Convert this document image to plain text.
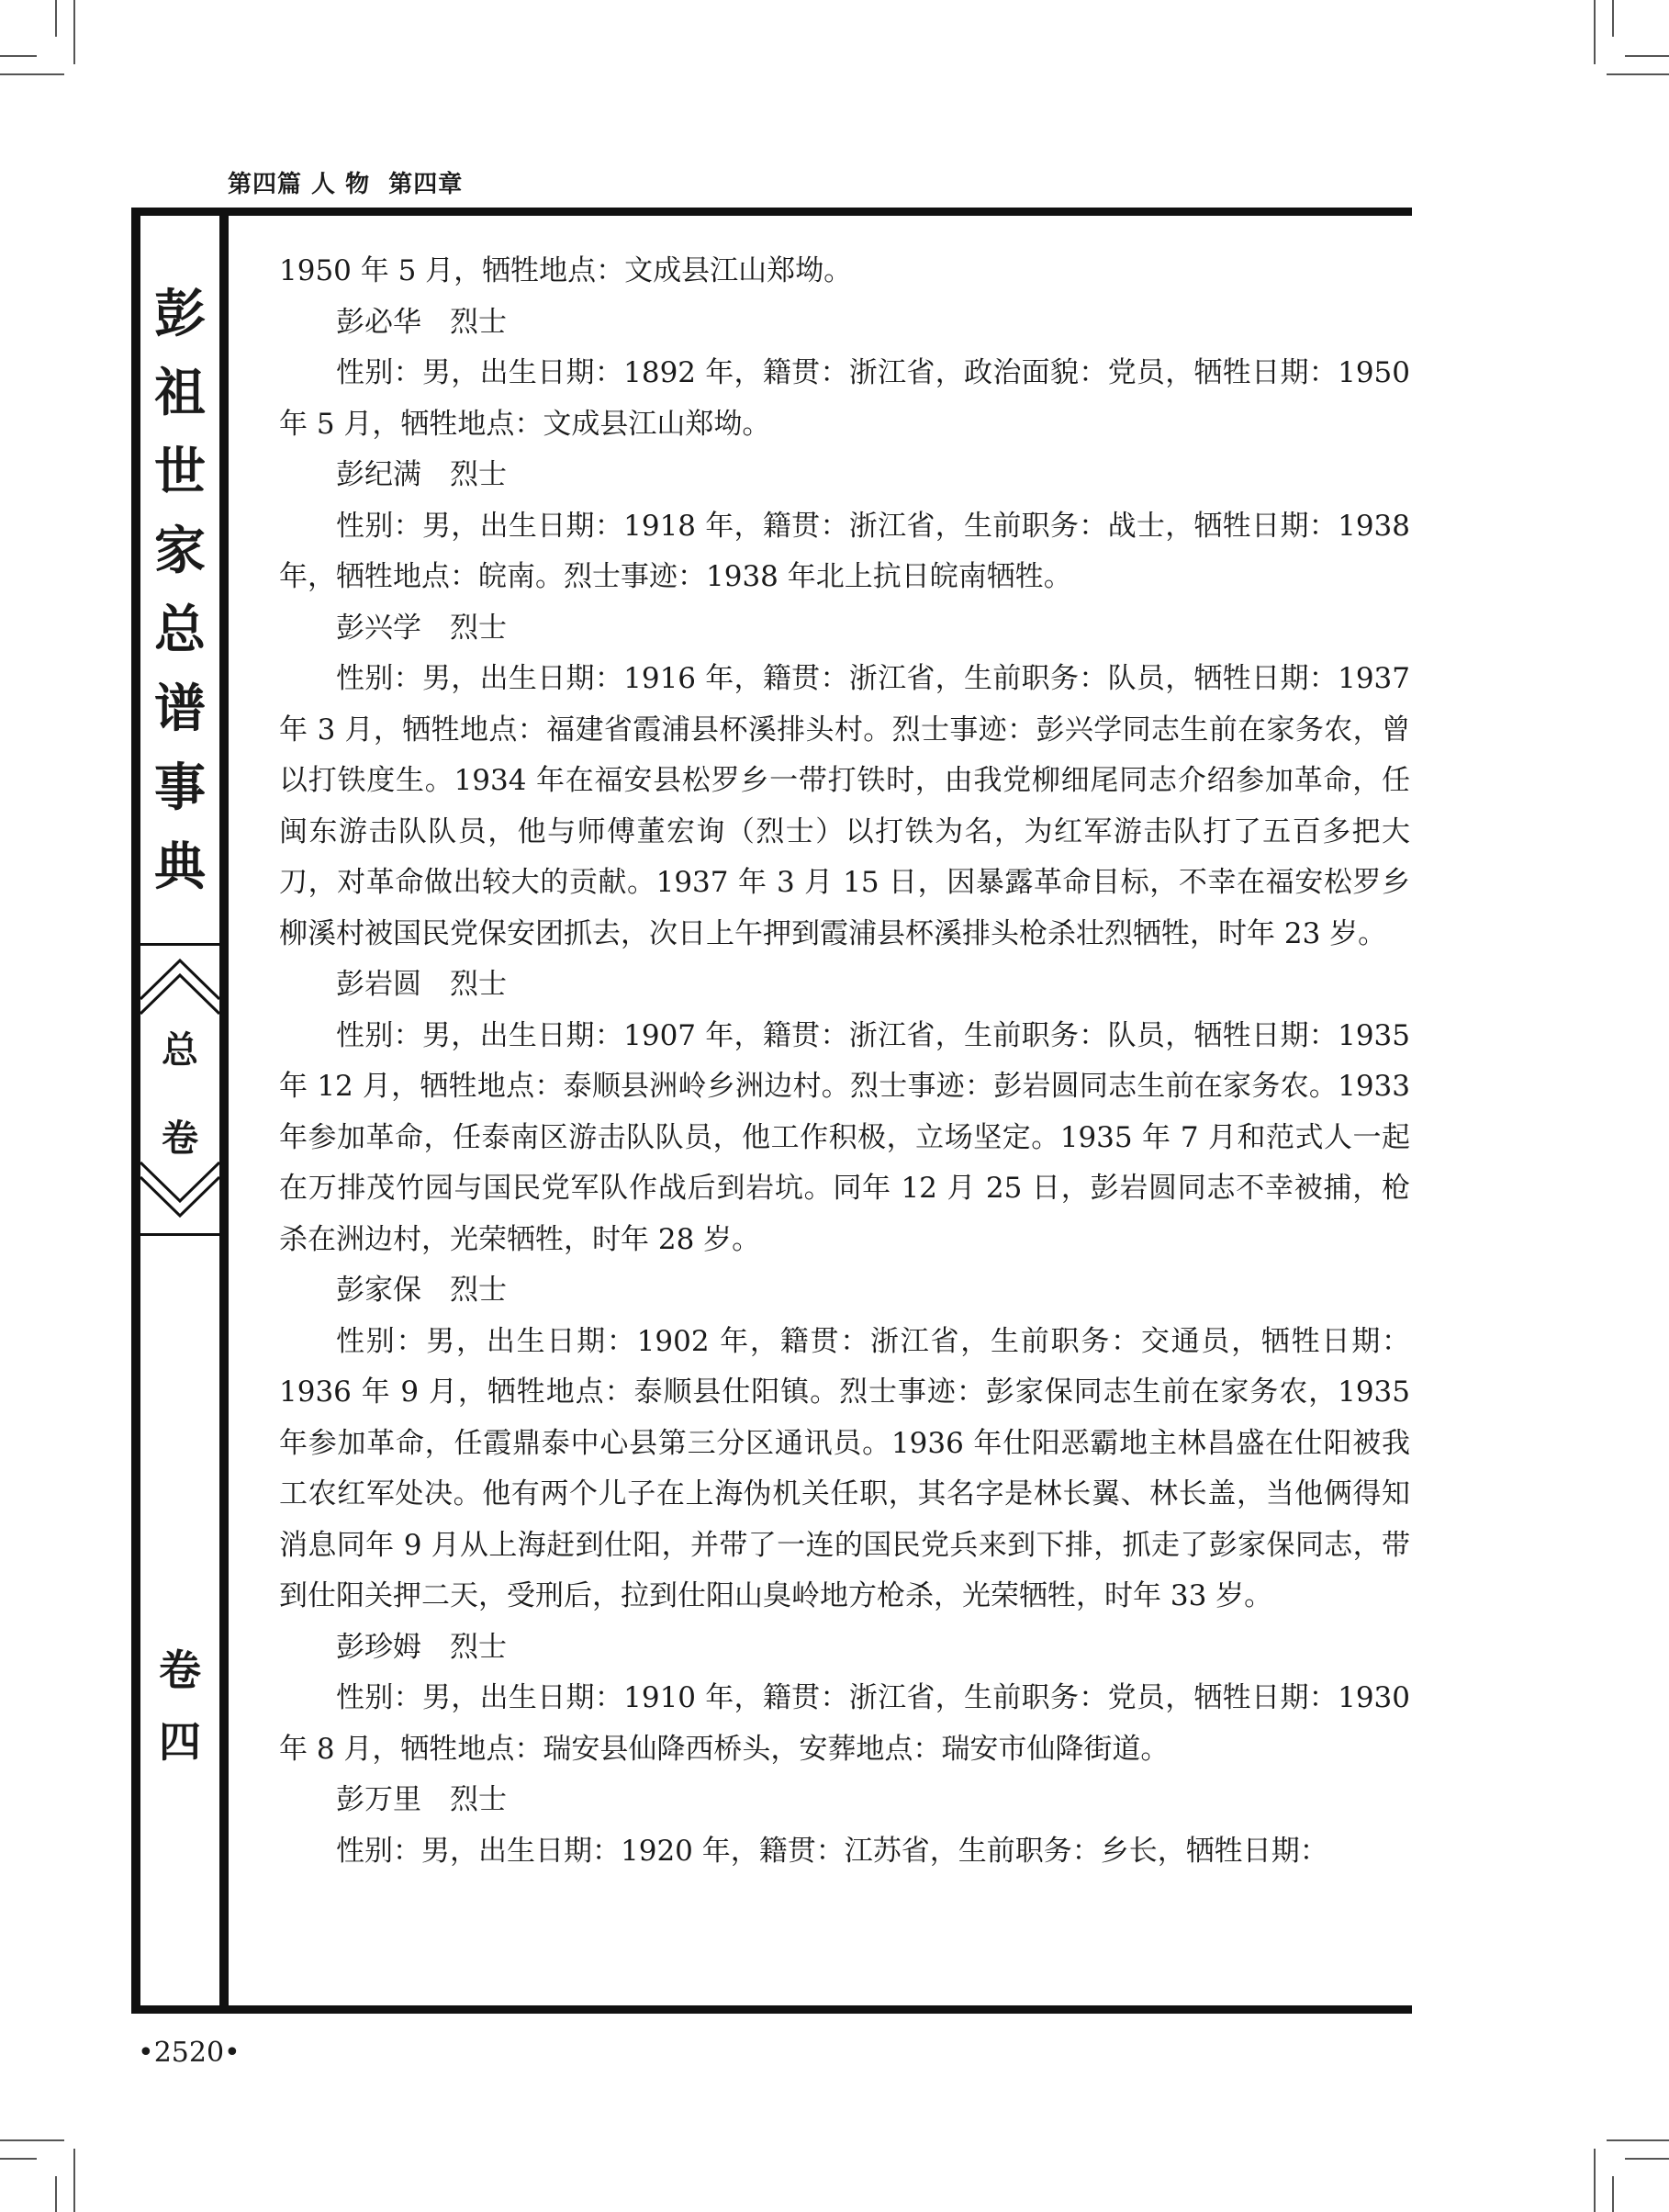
第四篇 人 物  第四章
彭
祖
世
家
总
谱
事
典
总
卷
卷
四

1950 年 5 月，牺牲地点：文成县江山郑坳。

彭必华 烈士

性别：男，出生日期：1892 年，籍贯：浙江省，政治面貌：党员，牺牲日期：1950 年 5 月，牺牲地点：文成县江山郑坳。

彭纪满 烈士

性别：男，出生日期：1918 年，籍贯：浙江省，生前职务：战士，牺牲日期：1938 年，牺牲地点：皖南。烈士事迹：1938 年北上抗日皖南牺牲。

彭兴学 烈士

性别：男，出生日期：1916 年，籍贯：浙江省，生前职务：队员，牺牲日期：1937 年 3 月，牺牲地点：福建省霞浦县杯溪排头村。烈士事迹：彭兴学同志生前在家务农，曾以打铁度生。1934 年在福安县松罗乡一带打铁时，由我党柳细尾同志介绍参加革命，任闽东游击队队员，他与师傅董宏询（烈士）以打铁为名，为红军游击队打了五百多把大刀，对革命做出较大的贡献。1937 年 3 月 15 日，因暴露革命目标，不幸在福安松罗乡柳溪村被国民党保安团抓去，次日上午押到霞浦县杯溪排头枪杀壮烈牺牲，时年 23 岁。

彭岩圆 烈士

性别：男，出生日期：1907 年，籍贯：浙江省，生前职务：队员，牺牲日期：1935 年 12 月，牺牲地点：泰顺县洲岭乡洲边村。烈士事迹：彭岩圆同志生前在家务农。1933 年参加革命，任泰南区游击队队员，他工作积极，立场坚定。1935 年 7 月和范式人一起在万排茂竹园与国民党军队作战后到岩坑。同年 12 月 25 日，彭岩圆同志不幸被捕，枪杀在洲边村，光荣牺牲，时年 28 岁。

彭家保 烈士

性别：男，出生日期：1902 年，籍贯：浙江省，生前职务：交通员，牺牲日期：1936 年 9 月，牺牲地点：泰顺县仕阳镇。烈士事迹：彭家保同志生前在家务农，1935 年参加革命，任霞鼎泰中心县第三分区通讯员。1936 年仕阳恶霸地主林昌盛在仕阳被我工农红军处决。他有两个儿子在上海伪机关任职，其名字是林长翼、林长盖，当他俩得知消息同年 9 月从上海赶到仕阳，并带了一连的国民党兵来到下排，抓走了彭家保同志，带到仕阳关押二天，受刑后，拉到仕阳山臭岭地方枪杀，光荣牺牲，时年 33 岁。

彭珍姆 烈士

性别：男，出生日期：1910 年，籍贯：浙江省，生前职务：党员，牺牲日期：1930 年 8 月，牺牲地点：瑞安县仙降西桥头，安葬地点：瑞安市仙降街道。

彭万里 烈士

性别：男，出生日期：1920 年，籍贯：江苏省，生前职务：乡长，牺牲日期：

•2520•
